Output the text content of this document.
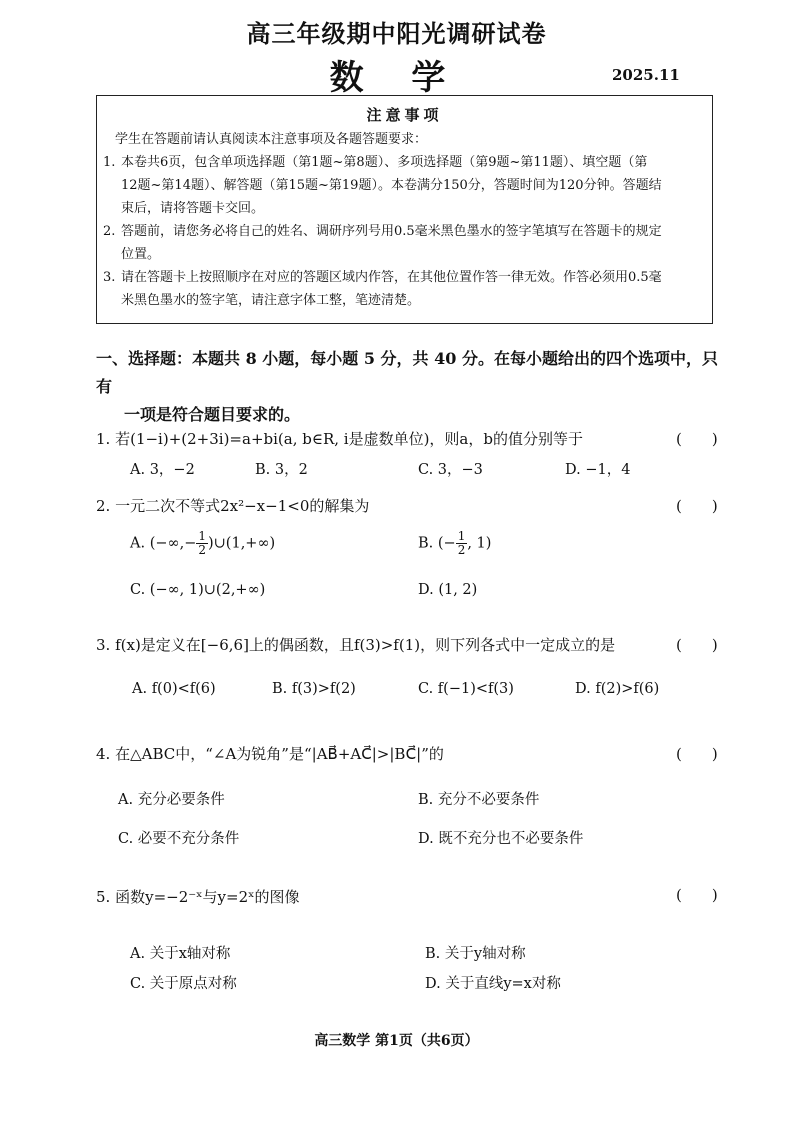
高三年级期中阳光调研试卷
数 学	2025.11
注意事项
学生在答题前请认真阅读本注意事项及各题答题要求：
1. 本卷共6页，包含单项选择题（第1题~第8题）、多项选择题（第9题~第11题）、填空题（第
12题~第14题）、解答题（第15题~第19题）。本卷满分150分，答题时间为120分钟。答题结
束后，请将答题卡交回。
2. 答题前，请您务必将自己的姓名、调研序列号用0.5毫米黑色墨水的签字笔填写在答题卡的规定
位置。
3. 请在答题卡上按照顺序在对应的答题区域内作答，在其他位置作答一律无效。作答必须用0.5毫
米黑色墨水的签字笔，请注意字体工整，笔迹清楚。
一、选择题：本题共 8 小题，每小题 5 分，共 40 分。在每小题给出的四个选项中，只有
一项是符合题目要求的。
1. 若(1−i)+(2+3i)=a+bi(a, b∈R, i是虚数单位)，则a，b的值分别等于	(　　)
A. 3，−2	B. 3，2	C. 3，−3	D. −1，4
2. 一元二次不等式2x²−x−1<0的解集为	(　　)
A. (−∞,− $\frac{1}{2}$ )∪(1,+∞)	B. (− $\frac{1}{2}$ , 1)
C. (−∞, 1)∪(2,+∞)	D. (1, 2)
3. f(x)是定义在[−6,6]上的偶函数，且f(3)>f(1)，则下列各式中一定成立的是	(　　)
A. f(0)<f(6)	B. f(3)>f(2)	C. f(−1)<f(3)	D. f(2)>f(6)
4. 在△ABC中，“∠A为锐角”是“|AB⃗+AC⃗|>|BC⃗|”的	(　　)
A. 充分必要条件	B. 充分不必要条件
C. 必要不充分条件	D. 既不充分也不必要条件
5. 函数y=−2⁻ˣ与y=2ˣ的图像	(　　)
A. 关于x轴对称	B. 关于y轴对称
C. 关于原点对称	D. 关于直线y=x对称
高三数学 第1页（共6页）
